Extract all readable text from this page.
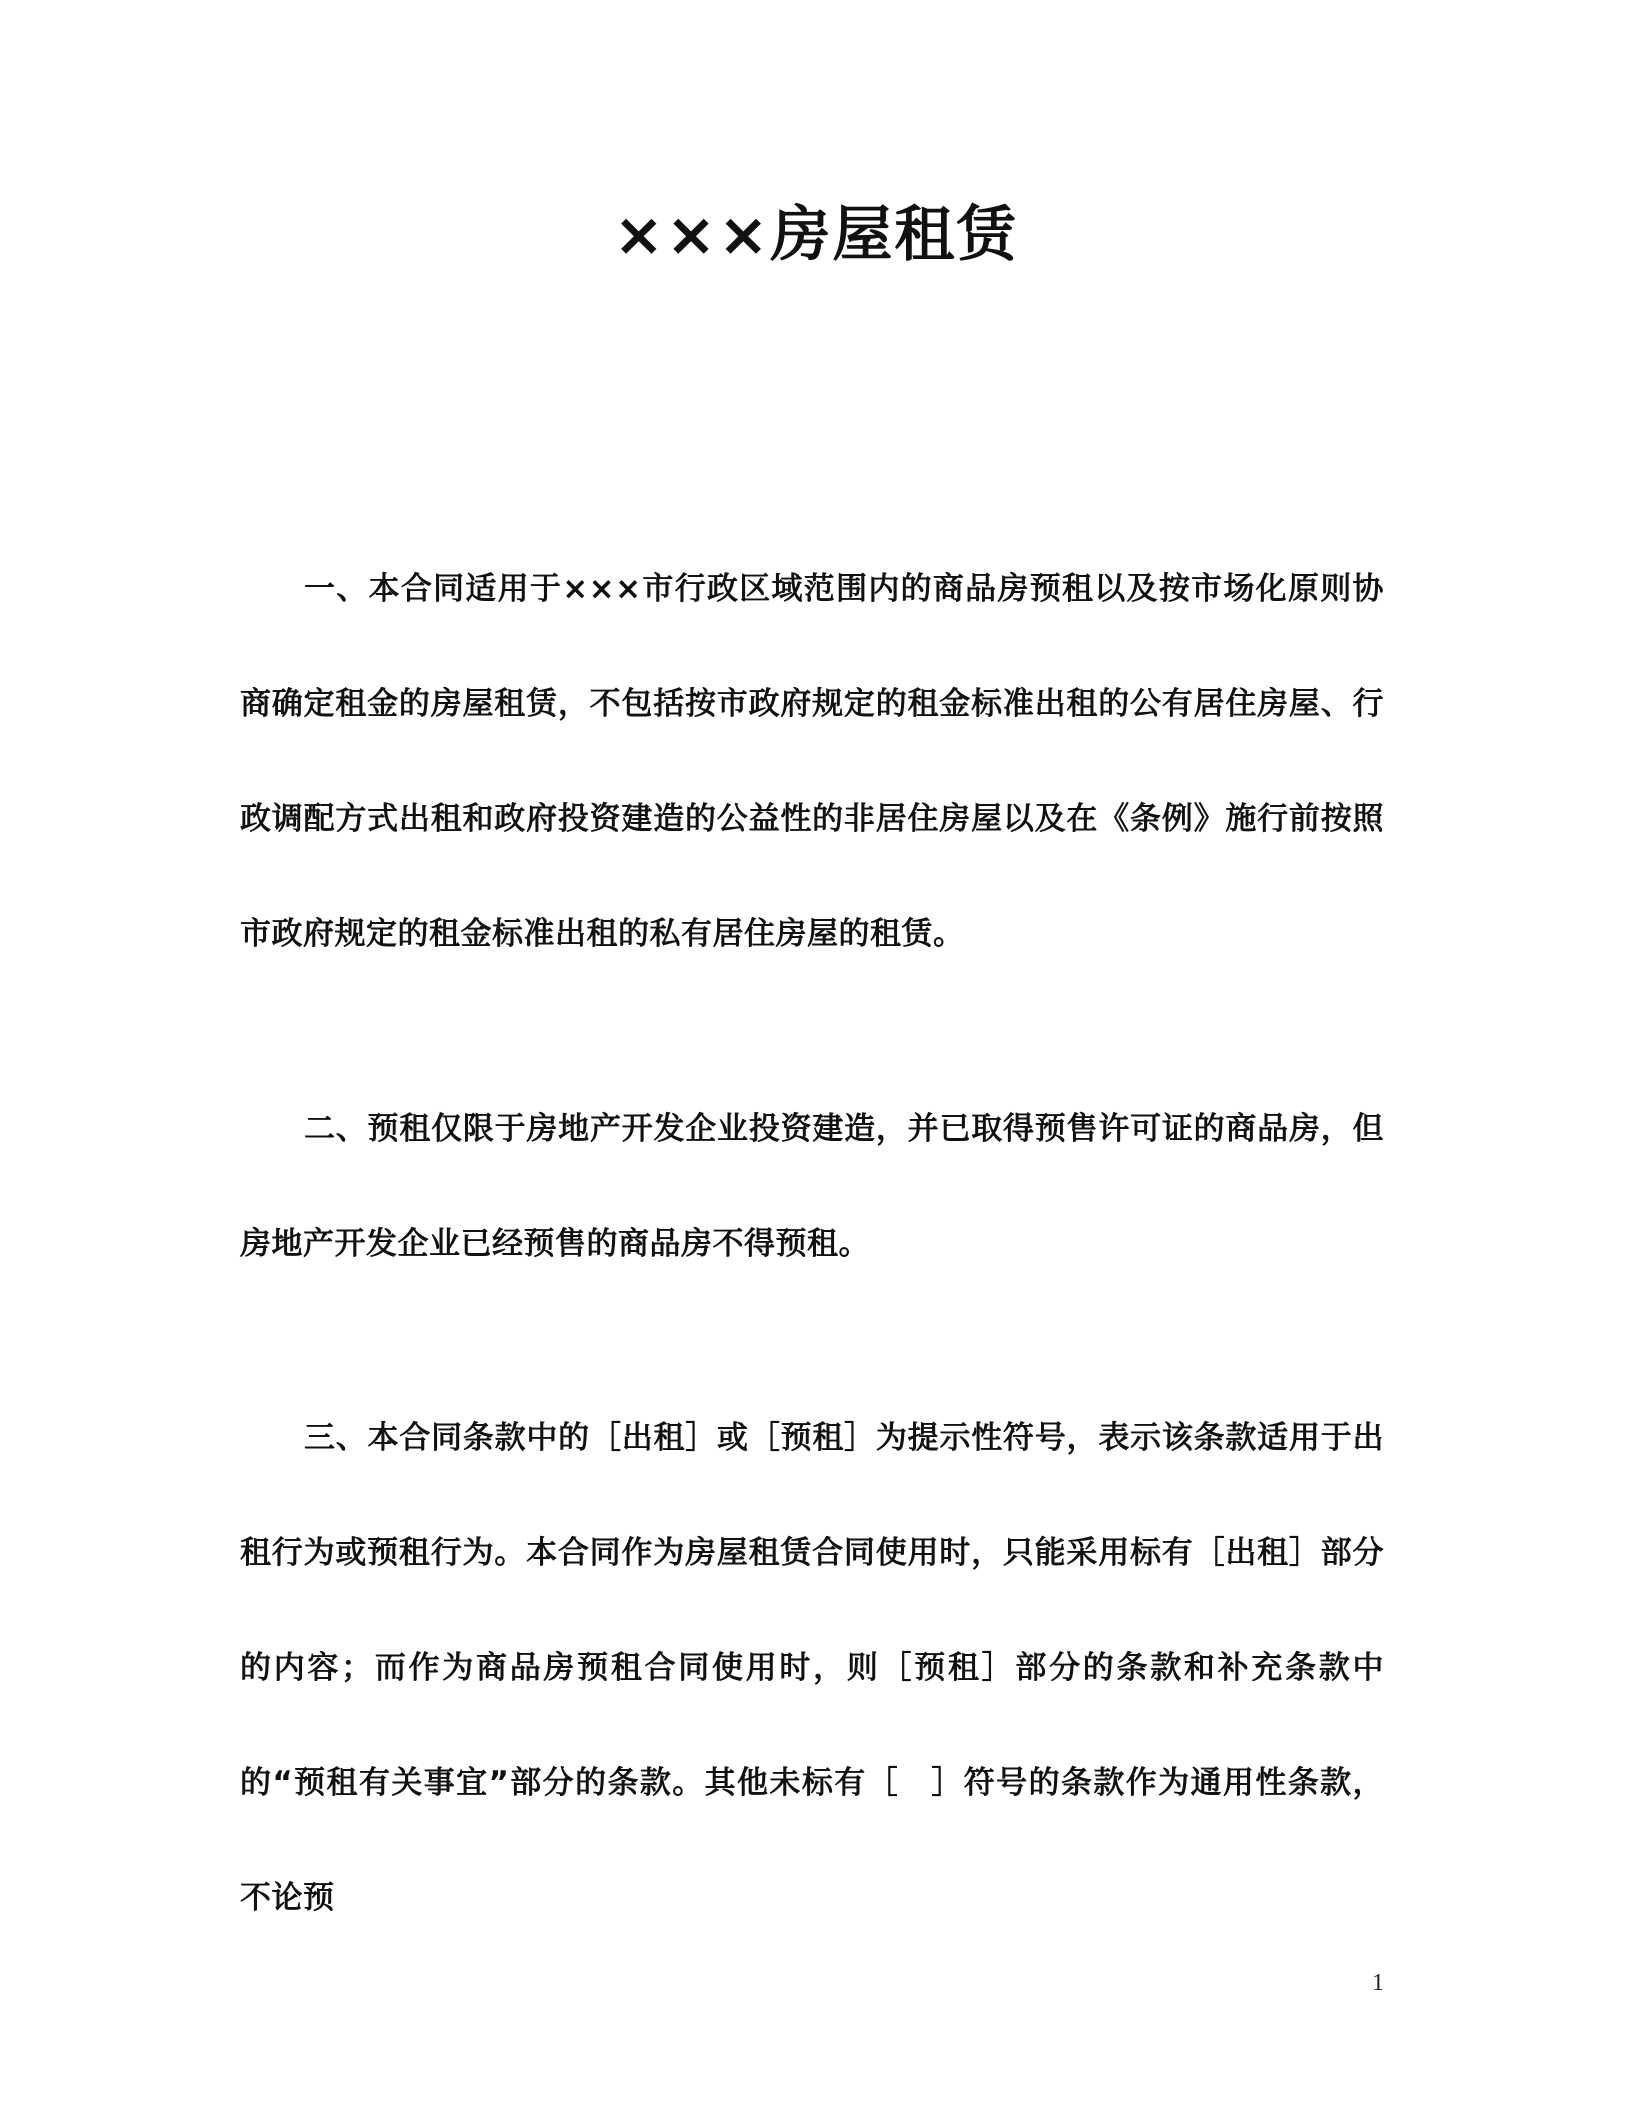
×××房屋租赁

一、本合同适用于×××市行政区域范围内的商品房预租以及按市场化原则协商确定租金的房屋租赁，不包括按市政府规定的租金标准出租的公有居住房屋、行政调配方式出租和政府投资建造的公益性的非居住房屋以及在《条例》施行前按照市政府规定的租金标准出租的私有居住房屋的租赁。

二、预租仅限于房地产开发企业投资建造，并已取得预售许可证的商品房，但房地产开发企业已经预售的商品房不得预租。

三、本合同条款中的［出租］或［预租］为提示性符号，表示该条款适用于出租行为或预租行为。本合同作为房屋租赁合同使用时，只能采用标有［出租］部分的内容；而作为商品房预租合同使用时，则［预租］部分的条款和补充条款中的“预租有关事宜”部分的条款。其他未标有［　］符号的条款作为通用性条款，不论预

1
